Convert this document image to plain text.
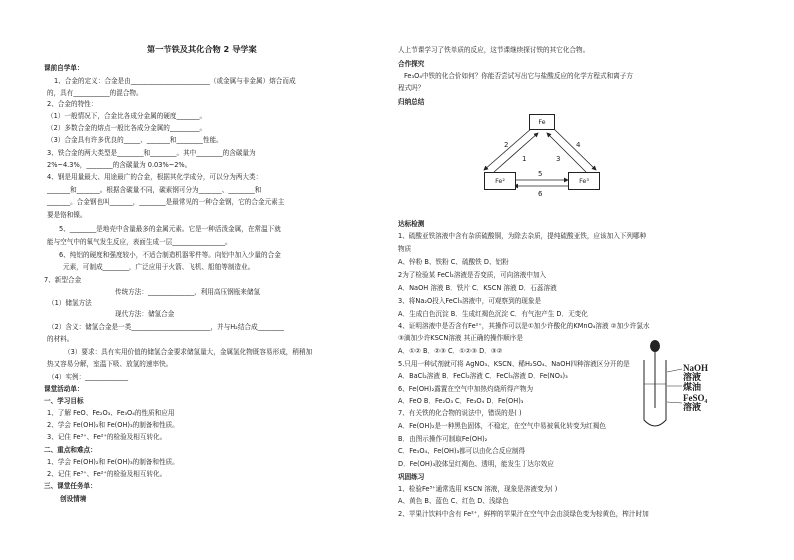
第一节铁及其化合物 2 导学案
课前自学单：
1、合金的定义：合金是由________________________（或金属与非金属）熔合而成
的，具有___________的混合物。
2、合金的特性：
（1）一般情况下，合金比各成分金属的硬度_______。
（2）多数合金的熔点一般比各成分金属的_________。
（3）合金具有许多优良的_____、_______和________性能。
3、铁合金的两大类型是________和________。其中________的含碳量为
2%~4.3%，________的含碳量为 0.03%~2%。
4、钢是用量最大、用途最广的合金，根据其化学成分，可以分为两大类：
_______和_______。根据含碳量不同，碳素钢可分为_______、________和
_______。合金钢也叫_______，________是最常见的一种合金钢，它的合金元素主
要是铬和镍。
5、________是地壳中含量最多的金属元素。它是一种活泼金属，在常温下就
能与空气中的氧气发生反应，表面生成一层________________。
6、纯铝的硬度和强度较小，不适合制造机器零件等。向铝中加入少量的合金
元素，可制成________，广泛应用于火箭、飞机、船舶等制造业。
7、新型合金
（1）储氢方法
传统方法：______________，利用高压钢瓶来储氢
现代方法：储氢合金
（2）含义：储氢合金是一类________________________，并与H₂结合成________
的材料。
（3）要求：具有实用价值的储氢合金要求储氢量大，金属氢化物既容易形成，稍稍加
热又容易分解，室温下吸、放氢的速率快。
（4）实例：_____________
课堂活动单：
一、学习目标
1、了解 FeO、Fe₂O₃、Fe₃O₄的性质和应用
2、学会 Fe(OH)₂和 Fe(OH)₃的制备和性质。
3、记住 Fe³⁺、Fe²⁺的检验及相互转化。
二、重点和难点：
1、学会 Fe(OH)₂和 Fe(OH)₃的制备和性质。
2、记住 Fe³⁺、Fe²⁺的检验及相互转化。
三、课堂任务单：
创设情境
人上节课学习了铁单质的反应，这节课继续探讨铁的其它化合物。
合作探究
Fe₃O₄中铁的化合价如何？你能否尝试写出它与盐酸反应的化学方程式和离子方
程式吗？
归纳总结
Fe
Fe²	Fe³
2
1	3
4
5
6
达标检测
1、硫酸亚铁溶液中含有杂质硫酸铜，为除去杂质，提纯硫酸亚铁，应该加入下列哪种
物质
A、锌粉 B、铁粉 C、硫酸铁 D、铝粉
2为了检验某 FeCl₂溶液是否变质，可向溶液中加入
A．NaOH 溶液 B．铁片 C．KSCN 溶液 D．石蕊溶液
3、将Na₂O投入FeCl₃溶液中，可观察到的现象是
A．生成白色沉淀 B．生成红褐色沉淀 C．有气泡产生 D．无变化
4、证明溶液中是否含有Fe²⁺，其操作可以是①加少许酸化的KMnO₄溶液 ②加少许氯水
③滴加少许KSCN溶液 其正确的操作顺序是
A．①② B．②③ C．①②③ D．③②
5.只用一种试剂就可将 AgNO₃、KSCN、稀H₂SO₄、NaOH四种溶液区分开的是
A．BaCl₂溶液 B．FeCl₂溶液 C．FeCl₃溶液 D．Fe(NO₃)₃
6、Fe(OH)₂露置在空气中加热灼烧所得产物为
A．FeO B．Fe₂O₃ C．Fe₃O₄ D．Fe(OH)₃
7、有关铁的化合物的说法中，错误的是( )
A．Fe(OH)₂是一种黑色固体，不稳定，在空气中易被氧化转变为红褐色
B．由图示操作可制取Fe(OH)₂
C．Fe₃O₄、Fe(OH)₃都可以由化合反应制得
D．Fe(OH)₃胶体呈红褐色、透明，能发生丁达尔效应
巩固练习
1、检验Fe³⁺通常选用 KSCN 溶液，现象是溶液变为( )
A、黄色 B、蓝色 C、红色 D、浅绿色
2、苹果汁饮料中含有 Fe²⁺，鲜榨的苹果汁在空气中会由淡绿色变为棕黄色，榨汁时加
NaOH
溶液
煤油
FeSO₄
溶液
